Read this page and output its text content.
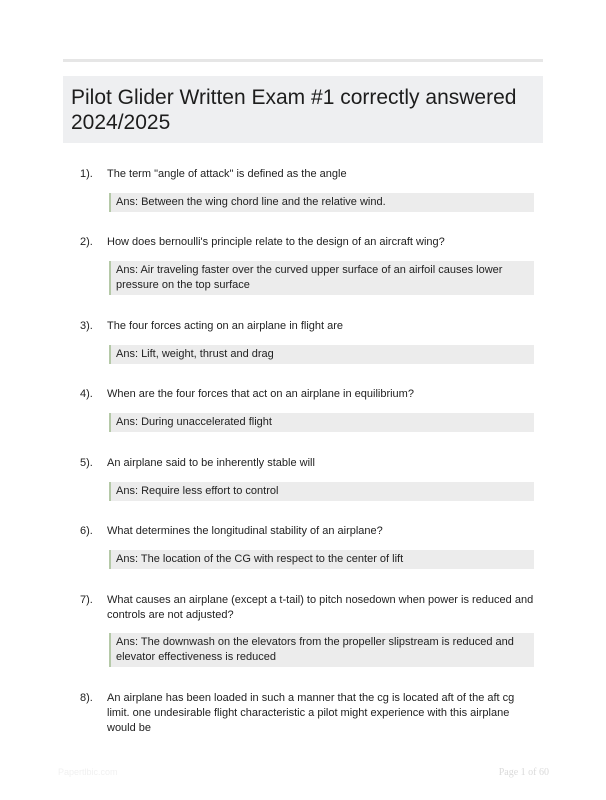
Pilot Glider Written Exam #1 correctly answered 2024/2025
1). The term "angle of attack" is defined as the angle
Ans: Between the wing chord line and the relative wind.
2). How does bernoulli's principle relate to the design of an aircraft wing?
Ans: Air traveling faster over the curved upper surface of an airfoil causes lower pressure on the top surface
3). The four forces acting on an airplane in flight are
Ans: Lift, weight, thrust and drag
4). When are the four forces that act on an airplane in equilibrium?
Ans: During unaccelerated flight
5). An airplane said to be inherently stable will
Ans: Require less effort to control
6). What determines the longitudinal stability of an airplane?
Ans: The location of the CG with respect to the center of lift
7). What causes an airplane (except a t-tail) to pitch nosedown when power is reduced and controls are not adjusted?
Ans: The downwash on the elevators from the propeller slipstream is reduced and elevator effectiveness is reduced
8). An airplane has been loaded in such a manner that the cg is located aft of the aft cg limit. one undesirable flight characteristic a pilot might experience with this airplane would be
Papertlbic.com	Page 1 of 60
